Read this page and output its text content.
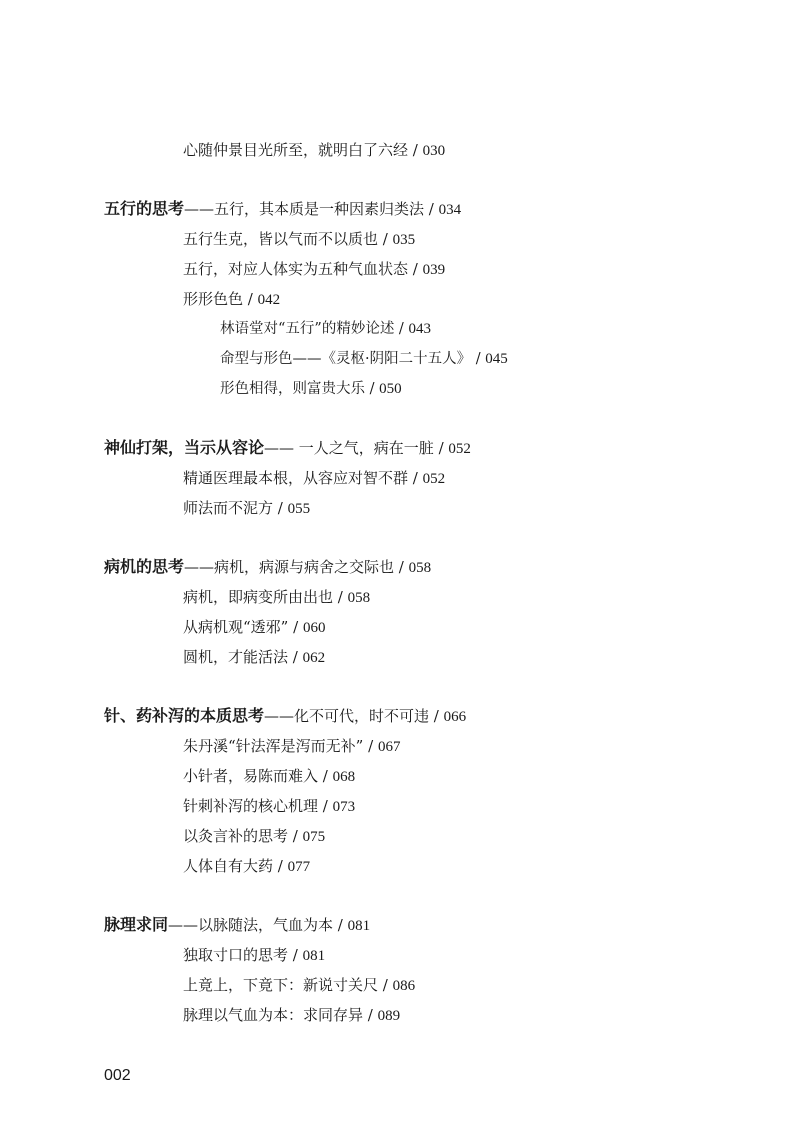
心随仲景目光所至，就明白了六经 / 030
五行的思考——五行，其本质是一种因素归类法 / 034
五行生克，皆以气而不以质也 / 035
五行，对应人体实为五种气血状态 / 039
形形色色 / 042
林语堂对“五行”的精妙论述 / 043
命型与形色——《灵枢·阴阳二十五人》 / 045
形色相得，则富贵大乐 / 050
神仙打架，当示从容论—— 一人之气，病在一脏 / 052
精通医理最本根，从容应对智不群 / 052
师法而不泥方 / 055
病机的思考——病机，病源与病舍之交际也 / 058
病机，即病变所由出也 / 058
从病机观“透邪” / 060
圆机，才能活法 / 062
针、药补泻的本质思考——化不可代，时不可违 / 066
朱丹溪“针法浑是泻而无补” / 067
小针者，易陈而难入 / 068
针刺补泻的核心机理 / 073
以灸言补的思考 / 075
人体自有大药 / 077
脉理求同——以脉随法，气血为本 / 081
独取寸口的思考 / 081
上竟上，下竟下：新说寸关尺 / 086
脉理以气血为本：求同存异 / 089
002
